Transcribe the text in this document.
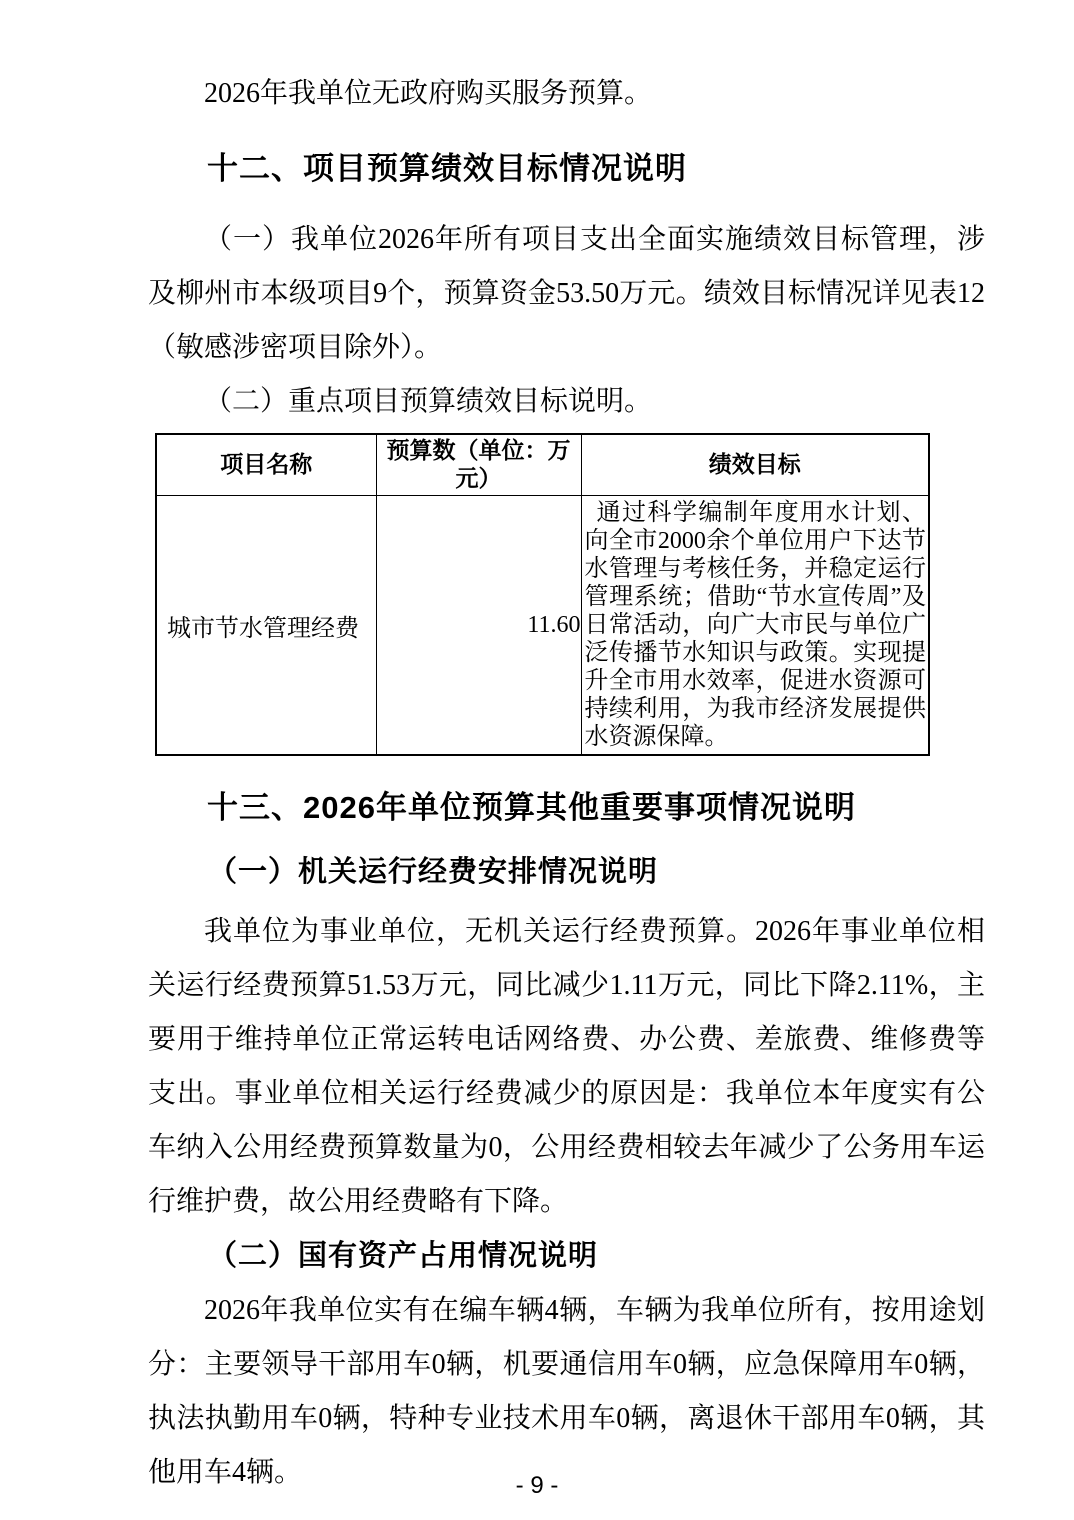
2026年我单位无政府购买服务预算。

十二、项目预算绩效目标情况说明

（一）我单位2026年所有项目支出全面实施绩效目标管理，涉及柳州市本级项目9个，预算资金53.50万元。绩效目标情况详见表12（敏感涉密项目除外）。

（二）重点项目预算绩效目标说明。

项目名称	预算数（单位：万元）	绩效目标
城市节水管理经费	11.60	通过科学编制年度用水计划、向全市2000余个单位用户下达节水管理与考核任务，并稳定运行管理系统；借助“节水宣传周”及日常活动，向广大市民与单位广泛传播节水知识与政策。实现提升全市用水效率，促进水资源可持续利用，为我市经济发展提供水资源保障。
十三、2026年单位预算其他重要事项情况说明
（一）机关运行经费安排情况说明

我单位为事业单位，无机关运行经费预算。2026年事业单位相关运行经费预算51.53万元，同比减少1.11万元，同比下降2.11%，主要用于维持单位正常运转电话网络费、办公费、差旅费、维修费等支出。事业单位相关运行经费减少的原因是：我单位本年度实有公车纳入公用经费预算数量为0，公用经费相较去年减少了公务用车运行维护费，故公用经费略有下降。

（二）国有资产占用情况说明

2026年我单位实有在编车辆4辆，车辆为我单位所有，按用途划分：主要领导干部用车0辆，机要通信用车0辆，应急保障用车0辆，执法执勤用车0辆，特种专业技术用车0辆，离退休干部用车0辆，其他用车4辆。	- 9 -
